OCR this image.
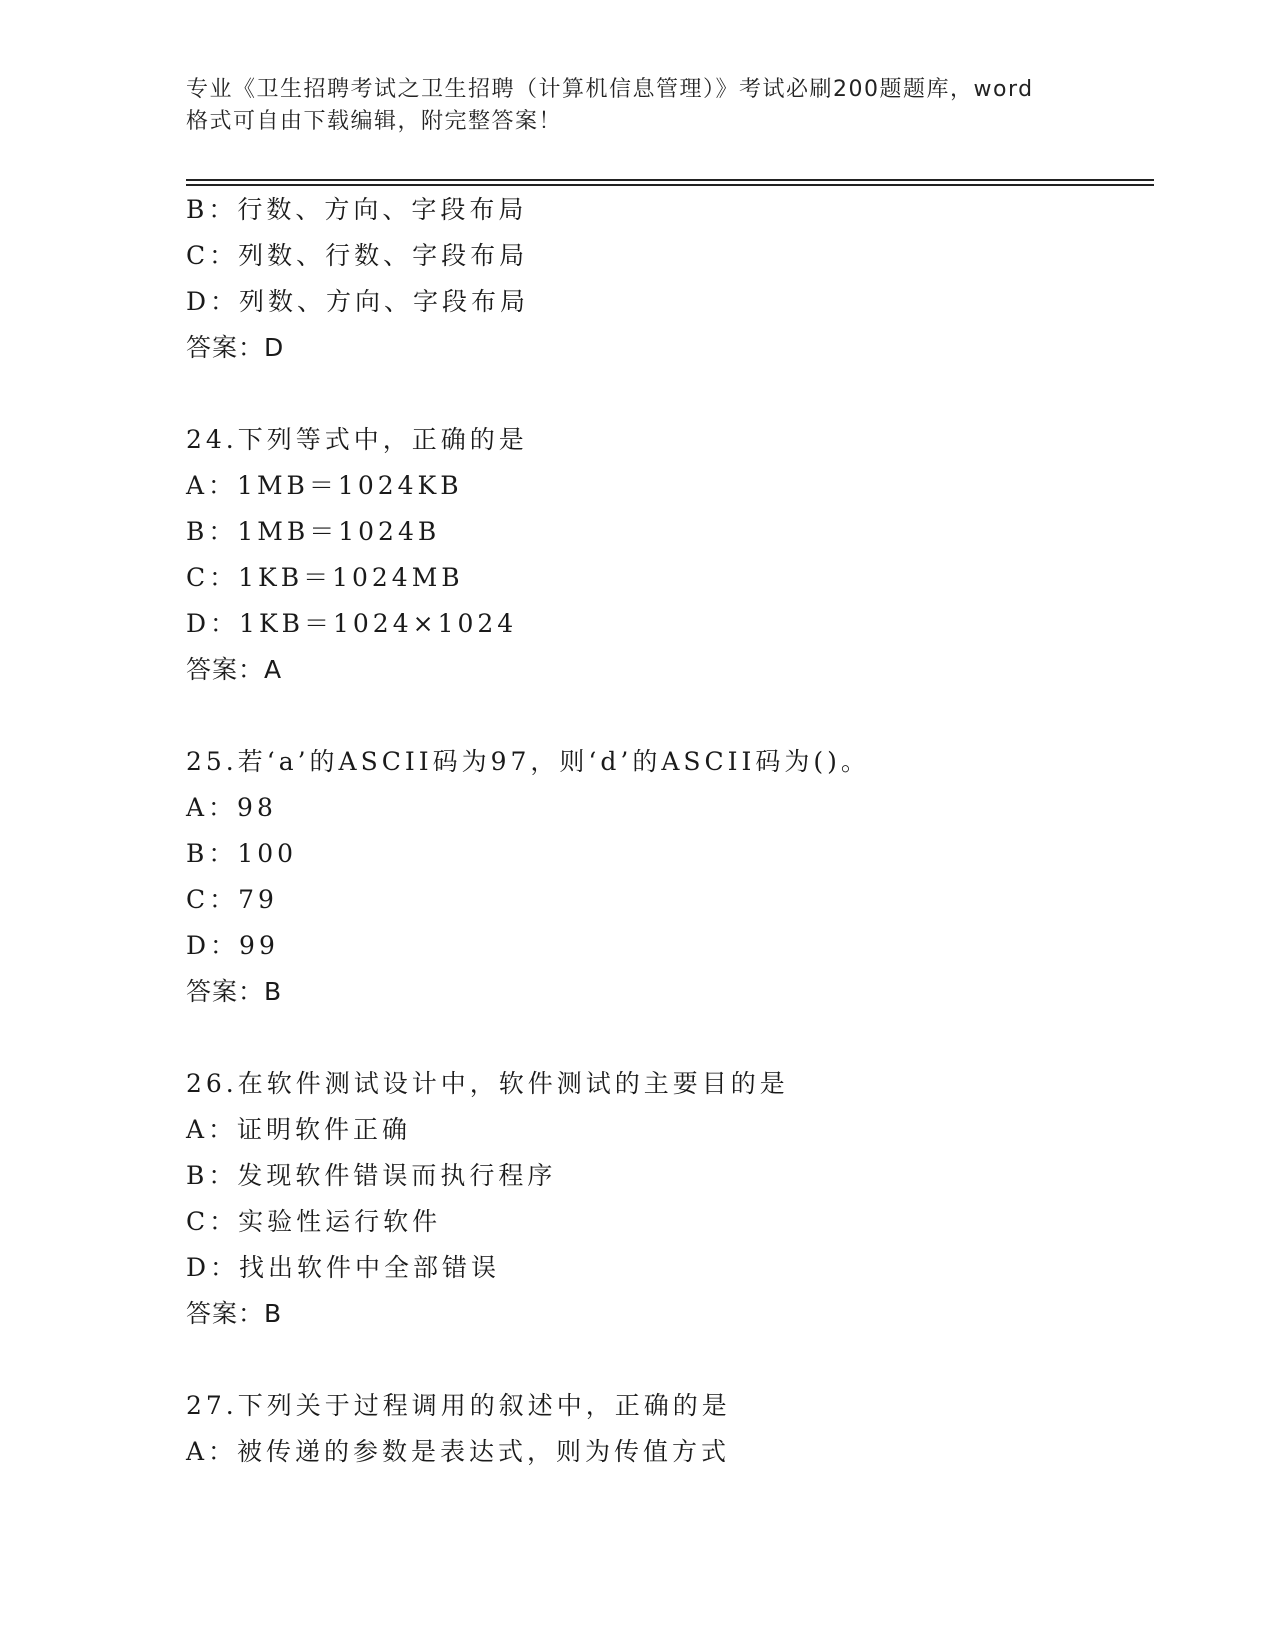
专业《卫生招聘考试之卫生招聘（计算机信息管理）》考试必刷200题题库，word
格式可自由下载编辑，附完整答案！
B：行数、方向、字段布局
C：列数、行数、字段布局
D：列数、方向、字段布局
答案：D
24.下列等式中，正确的是
A：1MB＝1024KB
B：1MB＝1024B
C：1KB＝1024MB
D：1KB＝1024×1024
答案：A
25.若‘a’的ASCII码为97，则‘d’的ASCII码为()。
A：98
B：100
C：79
D：99
答案：B
26.在软件测试设计中，软件测试的主要目的是
A：证明软件正确
B：发现软件错误而执行程序
C：实验性运行软件
D：找出软件中全部错误
答案：B
27.下列关于过程调用的叙述中，正确的是
A：被传递的参数是表达式，则为传值方式
